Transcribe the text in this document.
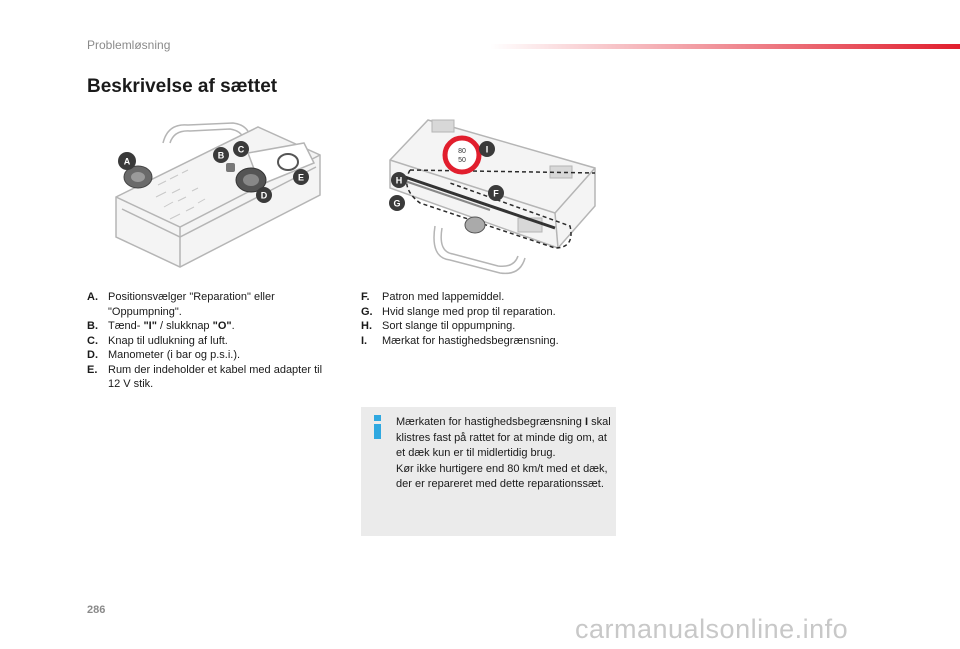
Problemløsning
Beskrivelse af sættet
A
B
C
D
E
80
50
I
H
F
G
A. Positionsvælger "Reparation" eller "Oppumpning".
B. Tænd- "I" / slukknap "O".
C. Knap til udlukning af luft.
D. Manometer (i bar og p.s.i.).
E. Rum der indeholder et kabel med adapter til 12 V stik.
F.	Patron med lappemiddel.
G. Hvid slange med prop til reparation.
H. Sort slange til oppumpning.
I.	Mærkat for hastighedsbegrænsning.

Mærkaten for hastighedsbegrænsning I skal klistres fast på rattet for at minde dig om, at et dæk kun er til midlertidig brug.

Kør ikke hurtigere end 80 km/t med et dæk, der er repareret med dette reparationssæt.

286
carmanualsonline.info
